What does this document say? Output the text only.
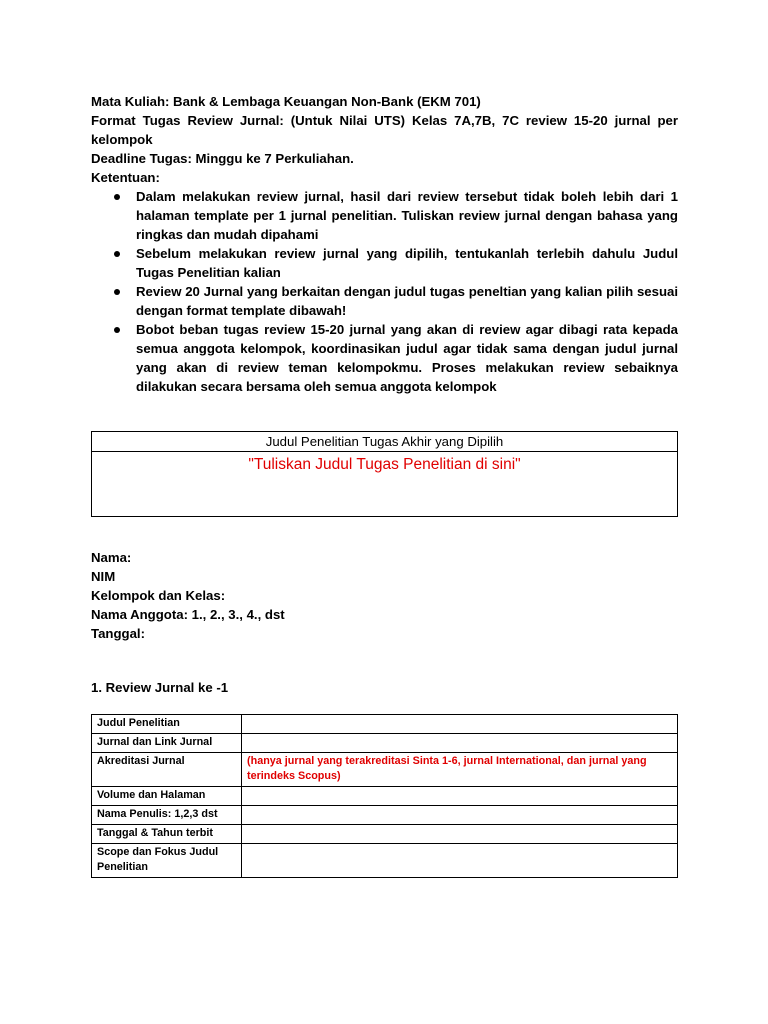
Mata Kuliah: Bank & Lembaga Keuangan Non-Bank (EKM 701)
Format Tugas Review Jurnal: (Untuk Nilai UTS) Kelas 7A,7B, 7C review 15-20 jurnal per
kelompok
Deadline Tugas: Minggu ke 7 Perkuliahan.
Ketentuan:
Dalam melakukan review jurnal, hasil dari review tersebut tidak boleh lebih dari 1 halaman template per 1 jurnal penelitian. Tuliskan review jurnal dengan bahasa yang ringkas dan mudah dipahami
Sebelum melakukan review jurnal yang dipilih, tentukanlah terlebih dahulu Judul Tugas Penelitian kalian
Review 20 Jurnal yang berkaitan dengan judul tugas peneltian yang kalian pilih sesuai dengan format template dibawah!
Bobot beban tugas review 15-20 jurnal yang akan di review agar dibagi rata kepada semua anggota kelompok, koordinasikan judul agar tidak sama dengan judul jurnal yang akan di review teman kelompokmu. Proses melakukan review sebaiknya dilakukan secara bersama oleh semua anggota kelompok
Judul Penelitian Tugas Akhir yang Dipilih
"Tuliskan Judul Tugas Penelitian di sini"
Nama:
NIM
Kelompok dan Kelas:
Nama Anggota: 1., 2., 3., 4., dst
Tanggal:
1. Review Jurnal ke -1
Judul Penelitian	
Jurnal dan Link Jurnal	
Akreditasi Jurnal	(hanya jurnal yang terakreditasi Sinta 1-6, jurnal International, dan jurnal yang terindeks Scopus)
Volume dan Halaman	
Nama Penulis: 1,2,3 dst	
Tanggal & Tahun terbit	
Scope dan Fokus Judul Penelitian	
